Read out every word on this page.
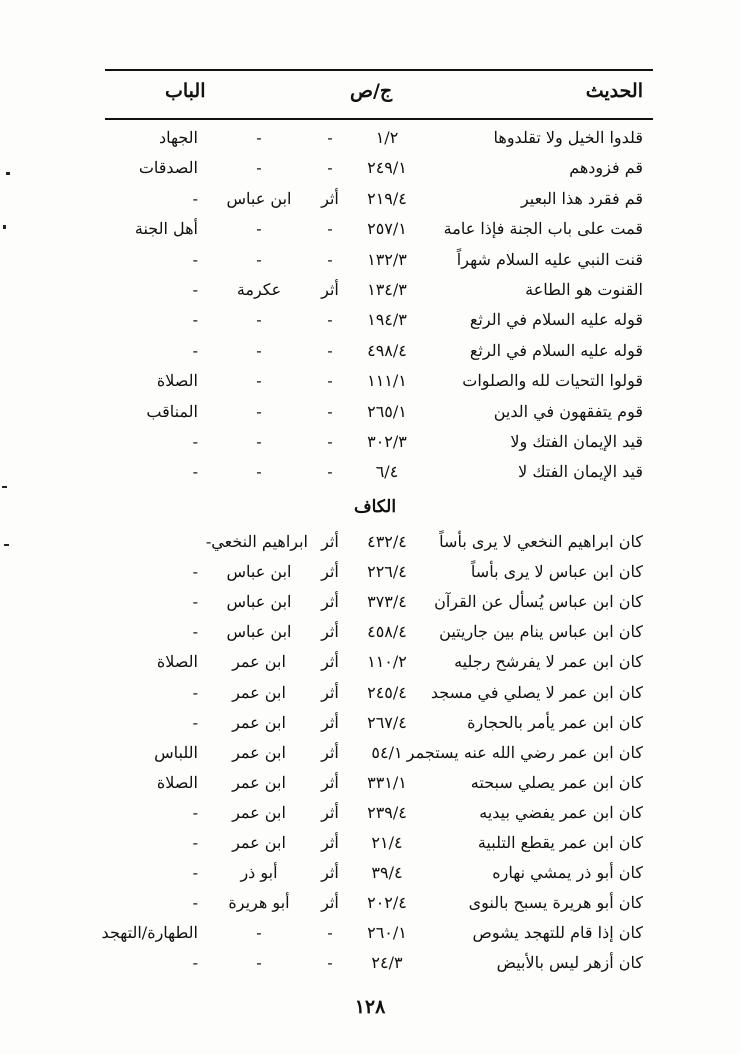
الحديث
ج/ص
الباب
قلدوا الخيل ولا تقلدوها
١/٢
-
-
الجهاد
قم فزودهم
٢٤٩/١
-
-
الصدقات
قم فقرد هذا البعير
٢١٩/٤
أثر
ابن عباس
-
قمت على باب الجنة فإذا عامة
٢٥٧/١
-
-
أهل الجنة
قنت النبي عليه السلام شهراً
١٣٢/٣
-
-
-
القنوت هو الطاعة
١٣٤/٣
أثر
عكرمة
-
قوله عليه السلام في الرثع
١٩٤/٣
-
-
-
قوله عليه السلام في الرثع
٤٩٨/٤
-
-
-
قولوا التحيات لله والصلوات
١١١/١
-
-
الصلاة
قوم يتفقهون في الدين
٢٦٥/١
-
-
المناقب
قيد الإيمان الفتك ولا
٣٠٢/٣
-
-
-
قيد الإيمان الفتك لا
٦/٤
-
-
-
الكاف
كان ابراهيم النخعي لا يرى بأساً
٤٣٢/٤
أثر
ابراهيم النخعي-
كان ابن عباس لا يرى بأساً
٢٢٦/٤
أثر
ابن عباس
-
كان ابن عباس يُسأل عن القرآن
٣٧٣/٤
أثر
ابن عباس
-
كان ابن عباس ينام بين جاريتين
٤٥٨/٤
أثر
ابن عباس
-
كان ابن عمر لا يفرشح رجليه
١١٠/٢
أثر
ابن عمر
الصلاة
كان ابن عمر لا يصلي في مسجد
٢٤٥/٤
أثر
ابن عمر
-
كان ابن عمر يأمر بالحجارة
٢٦٧/٤
أثر
ابن عمر
-
كان ابن عمر رضي الله عنه يستجمر
٥٤/١
أثر
ابن عمر
اللباس
كان ابن عمر يصلي سبحته
٣٣١/١
أثر
ابن عمر
الصلاة
كان ابن عمر يفضي بيديه
٢٣٩/٤
أثر
ابن عمر
-
كان ابن عمر يقطع التلبية
٢١/٤
أثر
ابن عمر
-
كان أبو ذر يمشي نهاره
٣٩/٤
أثر
أبو ذر
-
كان أبو هريرة يسبح بالنوى
٢٠٢/٤
أثر
أبو هريرة
-
كان إذا قام للتهجد يشوص
٢٦٠/١
-
-
الطهارة/التهجد
كان أزهر ليس بالأبيض
٢٤/٣
-
-
-
١٢٨
